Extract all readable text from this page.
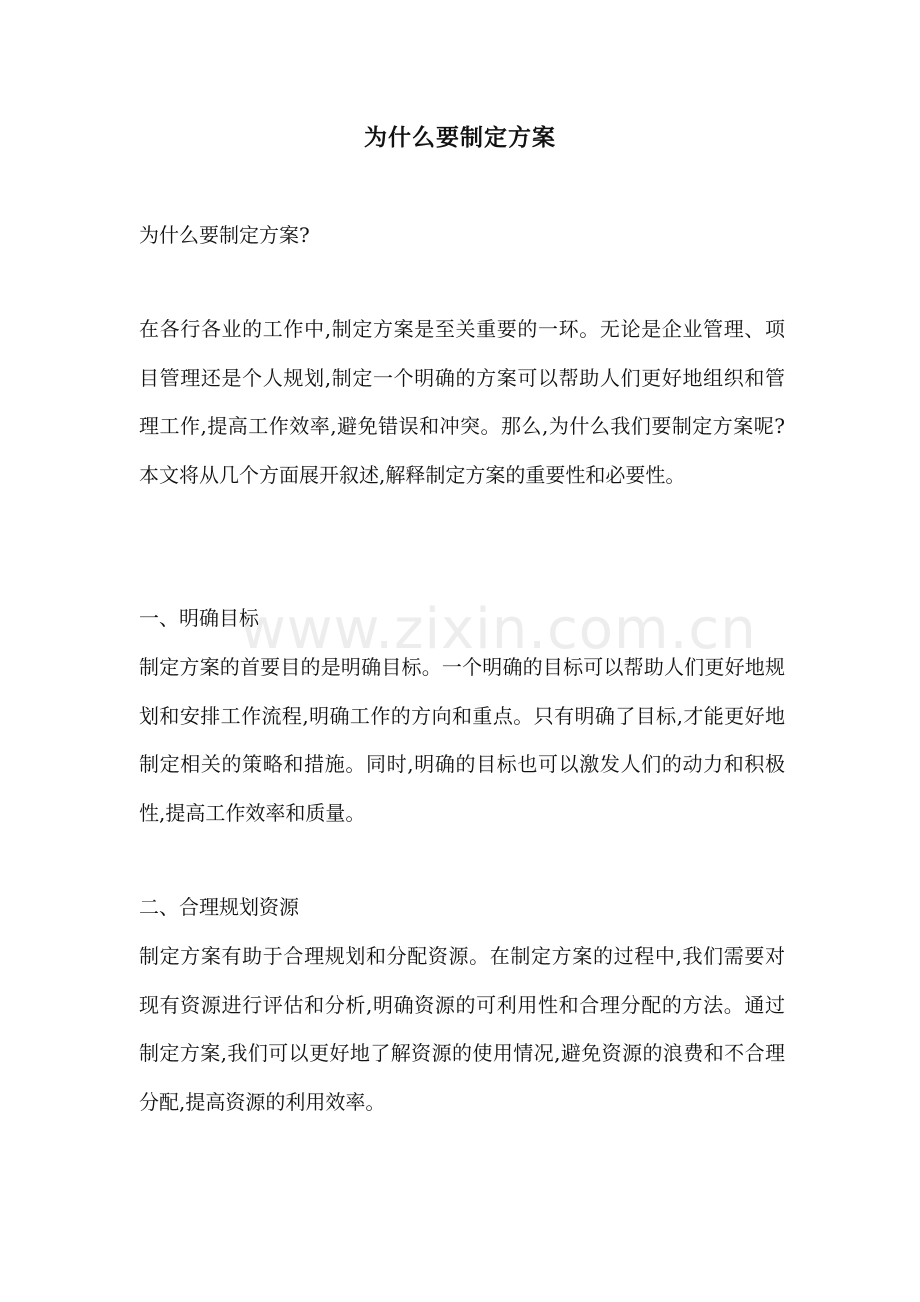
为什么要制定方案

为什么要制定方案?

在各行各业的工作中,制定方案是至关重要的一环。无论是企业管理、项目管理还是个人规划,制定一个明确的方案可以帮助人们更好地组织和管理工作,提高工作效率,避免错误和冲突。那么,为什么我们要制定方案呢?本文将从几个方面展开叙述,解释制定方案的重要性和必要性。

一、明确目标

制定方案的首要目的是明确目标。一个明确的目标可以帮助人们更好地规划和安排工作流程,明确工作的方向和重点。只有明确了目标,才能更好地制定相关的策略和措施。同时,明确的目标也可以激发人们的动力和积极性,提高工作效率和质量。

二、合理规划资源

制定方案有助于合理规划和分配资源。在制定方案的过程中,我们需要对现有资源进行评估和分析,明确资源的可利用性和合理分配的方法。通过制定方案,我们可以更好地了解资源的使用情况,避免资源的浪费和不合理分配,提高资源的利用效率。

www.zixin.com.cn
